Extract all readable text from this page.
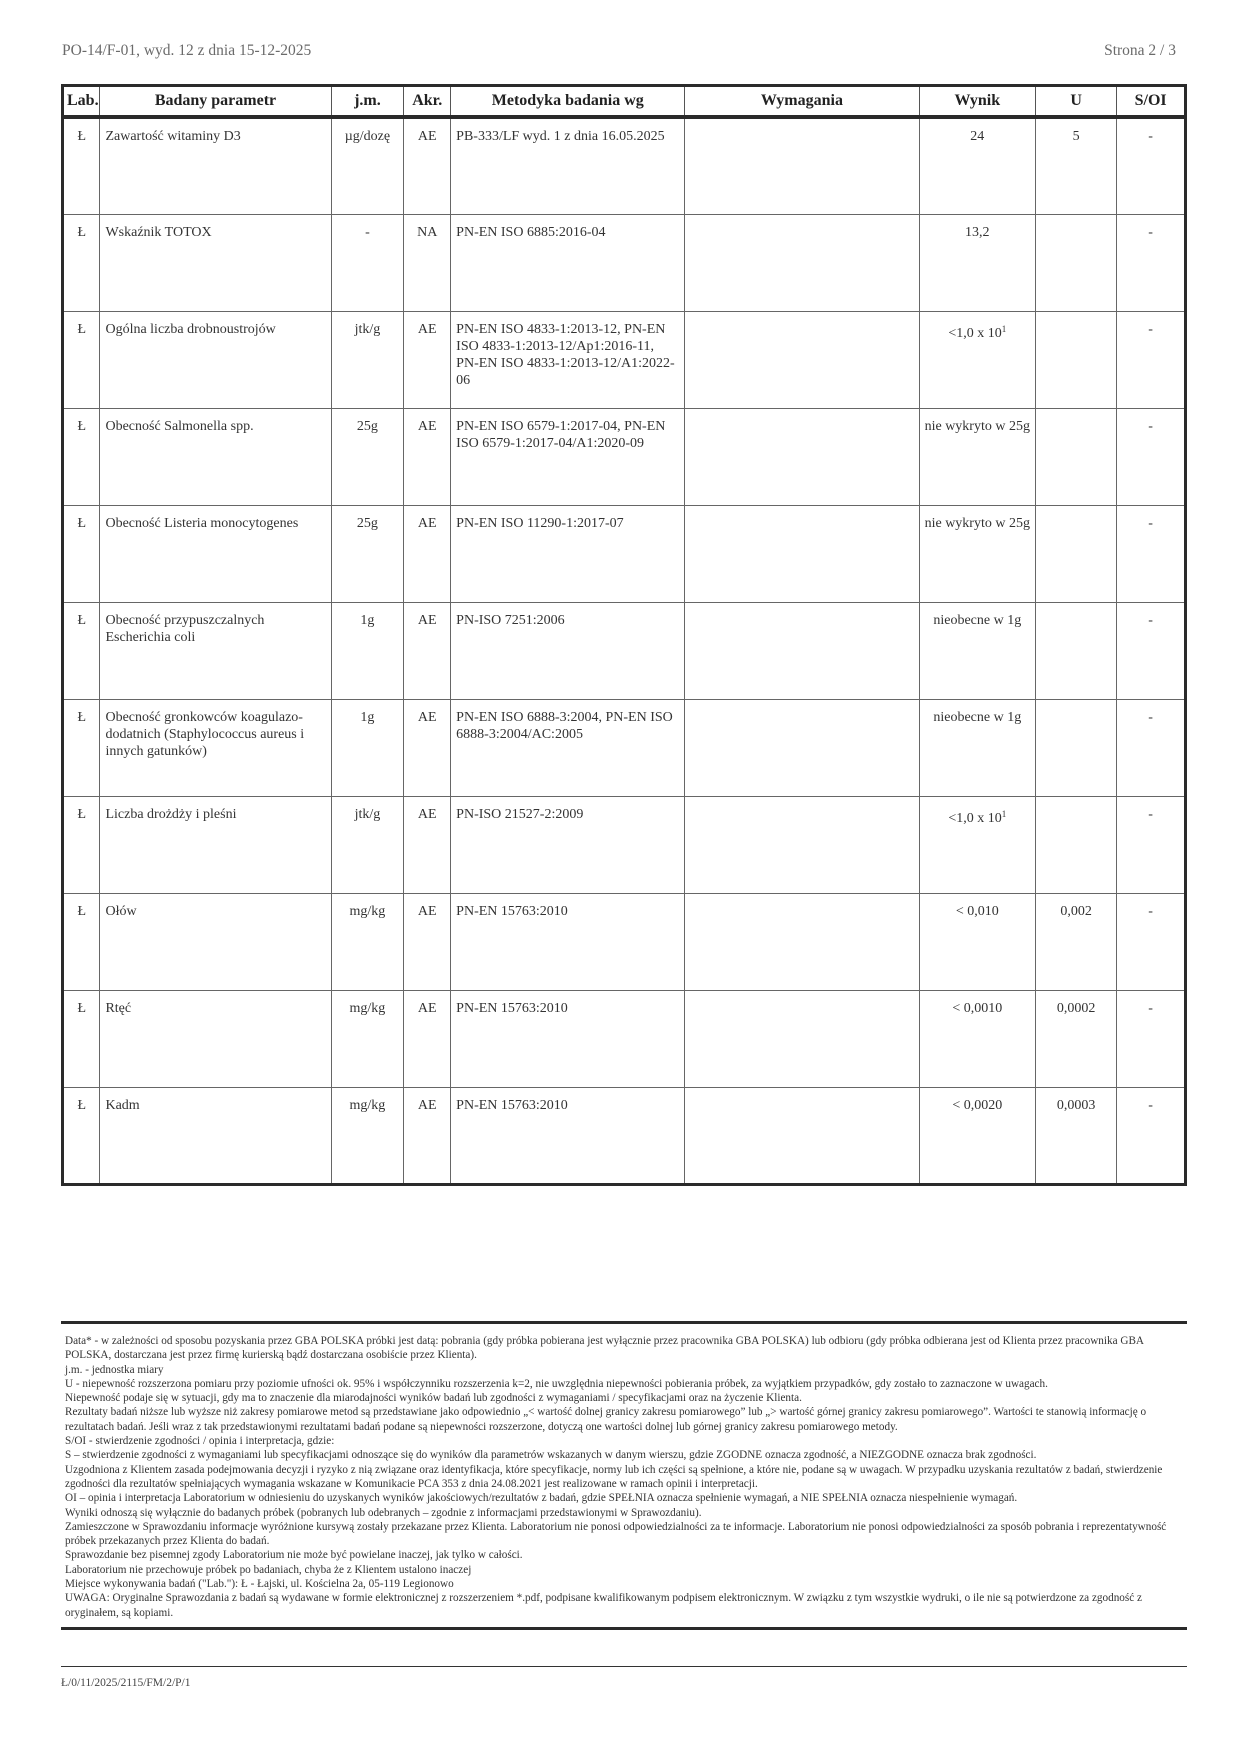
PO-14/F-01, wyd. 12 z dnia 15-12-2025	Strona 2 / 3
Lab.	Badany parametr	j.m.	Akr.	Metodyka badania wg	Wymagania	Wynik	U	S/OI
Ł	Zawartość witaminy D3	µg/dozę	AE	PB-333/LF wyd. 1 z dnia 16.05.2025		24	5	-
Ł	Wskaźnik TOTOX	-	NA	PN-EN ISO 6885:2016-04		13,2		-
Ł	Ogólna liczba drobnoustrojów	jtk/g	AE	PN-EN ISO 4833-1:2013-12, PN-EN ISO 4833-1:2013-12/Ap1:2016-11, PN-EN ISO 4833-1:2013-12/A1:2022-06		<1,0 x $10^1$		-
Ł	Obecność Salmonella spp.	25g	AE	PN-EN ISO 6579-1:2017-04, PN-EN ISO 6579-1:2017-04/A1:2020-09		nie wykryto w 25g		-
Ł	Obecność Listeria monocytogenes	25g	AE	PN-EN ISO 11290-1:2017-07		nie wykryto w 25g		-
Ł	Obecność przypuszczalnych Escherichia coli	1g	AE	PN-ISO 7251:2006		nieobecne w 1g		-
Ł	Obecność gronkowców koagulazo-dodatnich (Staphylococcus aureus i innych gatunków)	1g	AE	PN-EN ISO 6888-3:2004, PN-EN ISO 6888-3:2004/AC:2005		nieobecne w 1g		-
Ł	Liczba drożdży i pleśni	jtk/g	AE	PN-ISO 21527-2:2009		<1,0 x $10^1$		-
Ł	Ołów	mg/kg	AE	PN-EN 15763:2010		< 0,010	0,002	-
Ł	Rtęć	mg/kg	AE	PN-EN 15763:2010		< 0,0010	0,0002	-
Ł	Kadm	mg/kg	AE	PN-EN 15763:2010		< 0,0020	0,0003	-

Data* - w zależności od sposobu pozyskania przez GBA POLSKA próbki jest datą: pobrania (gdy próbka pobierana jest wyłącznie przez pracownika GBA POLSKA) lub odbioru (gdy próbka odbierana jest od Klienta przez pracownika GBA POLSKA, dostarczana jest przez firmę kurierską bądź dostarczana osobiście przez Klienta).

j.m. - jednostka miary

U - niepewność rozszerzona pomiaru przy poziomie ufności ok. 95% i współczynniku rozszerzenia k=2, nie uwzględnia niepewności pobierania próbek, za wyjątkiem przypadków, gdy zostało to zaznaczone w uwagach.

Niepewność podaje się w sytuacji, gdy ma to znaczenie dla miarodajności wyników badań lub zgodności z wymaganiami / specyfikacjami oraz na życzenie Klienta.

Rezultaty badań niższe lub wyższe niż zakresy pomiarowe metod są przedstawiane jako odpowiednio „< wartość dolnej granicy zakresu pomiarowego” lub „> wartość górnej granicy zakresu pomiarowego”. Wartości te stanowią informację o rezultatach badań. Jeśli wraz z tak przedstawionymi rezultatami badań podane są niepewności rozszerzone, dotyczą one wartości dolnej lub górnej granicy zakresu pomiarowego metody.

S/OI - stwierdzenie zgodności / opinia i interpretacja, gdzie:

S – stwierdzenie zgodności z wymaganiami lub specyfikacjami odnoszące się do wyników dla parametrów wskazanych w danym wierszu, gdzie ZGODNE oznacza zgodność, a NIEZGODNE oznacza brak zgodności.

Uzgodniona z Klientem zasada podejmowania decyzji i ryzyko z nią związane oraz identyfikacja, które specyfikacje, normy lub ich części są spełnione, a które nie, podane są w uwagach. W przypadku uzyskania rezultatów z badań, stwierdzenie zgodności dla rezultatów spełniających wymagania wskazane w Komunikacie PCA 353 z dnia 24.08.2021 jest realizowane w ramach opinii i interpretacji.

OI – opinia i interpretacja Laboratorium w odniesieniu do uzyskanych wyników jakościowych/rezultatów z badań, gdzie SPEŁNIA oznacza spełnienie wymagań, a NIE SPEŁNIA oznacza niespełnienie wymagań.

Wyniki odnoszą się wyłącznie do badanych próbek (pobranych lub odebranych – zgodnie z informacjami przedstawionymi w Sprawozdaniu).

Zamieszczone w Sprawozdaniu informacje wyróżnione kursywą zostały przekazane przez Klienta. Laboratorium nie ponosi odpowiedzialności za te informacje. Laboratorium nie ponosi odpowiedzialności za sposób pobrania i reprezentatywność próbek przekazanych przez Klienta do badań.

Sprawozdanie bez pisemnej zgody Laboratorium nie może być powielane inaczej, jak tylko w całości.

Laboratorium nie przechowuje próbek po badaniach, chyba że z Klientem ustalono inaczej

Miejsce wykonywania badań ("Lab."): Ł - Łajski, ul. Kościelna 2a, 05-119 Legionowo

UWAGA: Oryginalne Sprawozdania z badań są wydawane w formie elektronicznej z rozszerzeniem *.pdf, podpisane kwalifikowanym podpisem elektronicznym. W związku z tym wszystkie wydruki, o ile nie są potwierdzone za zgodność z oryginałem, są kopiami.

Ł/0/11/2025/2115/FM/2/P/1
